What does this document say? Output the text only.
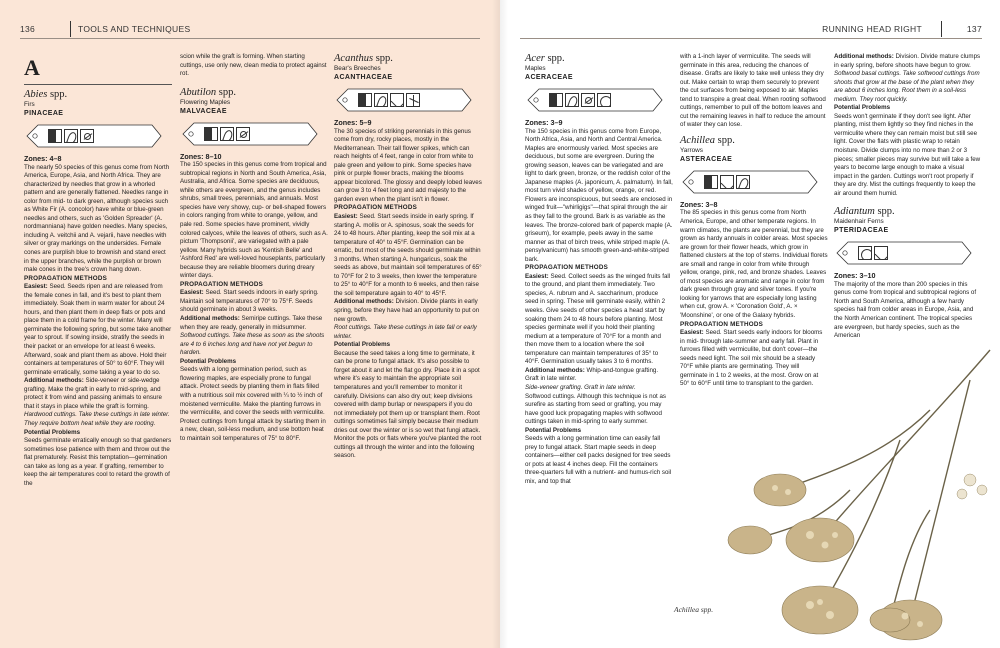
136	TOOLS AND TECHNIQUES
A
Abies spp.
Firs
PINACEAE

Zones: 4–8

The nearly 50 species of this genus come from North America, Europe, Asia, and North Africa. They are characterized by needles that grow in a whorled pattern and are generally flattened. Needles range in color from mid- to dark green, although species such as White Fir (A. concolor) have white or blue-green needles and others, such as 'Golden Spreader' (A. nordmanniana) have golden needles. Many species, including A. veitchii and A. vejarii, have needles with silver or gray markings on the undersides. Female cones are purplish blue to brownish and stand erect in the upper branches, while the purplish or brown male cones in the tree's crown hang down.

PROPAGATION METHODS

Easiest: Seed. Seeds ripen and are released from the female cones in fall, and it's best to plant them immediately. Soak them in warm water for about 24 hours, and then plant them in deep flats or pots and place them in a cold frame for the winter. Many will germinate the following spring, but some take another year to sprout. If sowing inside, stratify the seeds in their packet or an envelope for at least 6 weeks. Afterward, soak and plant them as above. Hold their containers at temperatures of 50° to 60°F. They will germinate erratically, some taking a year to do so.

Additional methods: Side-veneer or side-wedge grafting. Make the graft in early to mid-spring, and protect it from wind and passing animals to ensure that it stays in place while the graft is forming.

Hardwood cuttings. Take these cuttings in late winter. They require bottom heat while they are rooting.

Potential Problems

Seeds germinate erratically enough so that gardeners sometimes lose patience with them and throw out the flat prematurely. Resist this temptation—germination can take as long as a year. If grafting, remember to keep the air temperatures cool to retard the growth of the

scion while the graft is forming. When starting cuttings, use only new, clean media to protect against rot.

Abutilon spp.
Flowering Maples
MALVACEAE

Zones: 8–10

The 150 species in this genus come from tropical and subtropical regions in North and South America, Asia, Australia, and Africa. Some species are deciduous, while others are evergreen, and the genus includes shrubs, small trees, perennials, and annuals. Most species have very showy, cup- or bell-shaped flowers in colors ranging from white to orange, yellow, and pale red. Some species have prominent, vividly colored calyces, while the leaves of others, such as A. pictum 'Thompsonii', are variegated with a pale yellow. Many hybrids such as 'Kentish Belle' and 'Ashford Red' are well-loved houseplants, particularly because they are reliable bloomers during dreary winter days.

PROPAGATION METHODS

Easiest: Seed. Start seeds indoors in early spring. Maintain soil temperatures of 70° to 75°F. Seeds should germinate in about 3 weeks.

Additional methods: Semiripe cuttings. Take these when they are ready, generally in midsummer.

Softwood cuttings. Take these as soon as the shoots are 4 to 6 inches long and have not yet begun to harden.

Potential Problems

Seeds with a long germination period, such as flowering maples, are especially prone to fungal attack. Protect seeds by planting them in flats filled with a nutritious soil mix covered with ¼ to ½ inch of moistened vermiculite. Make the planting furrows in the vermiculite, and cover the seeds with vermiculite. Protect cuttings from fungal attack by starting them in a new, clean, soil-less medium, and use bottom heat to maintain soil temperatures of 75° to 80°F.

Acanthus spp.
Bear's Breeches
ACANTHACEAE

Zones: 5–9

The 30 species of striking perennials in this genus come from dry, rocky places, mostly in the Mediterranean. Their tall flower spikes, which can reach heights of 4 feet, range in color from white to pale green and yellow to pink. Some species have pink or purple flower bracts, making the blooms appear bicolored. The glossy and deeply lobed leaves can grow 3 to 4 feet long and add majesty to the garden even when the plant isn't in flower.

PROPAGATION METHODS

Easiest: Seed. Start seeds inside in early spring. If starting A. mollis or A. spinosus, soak the seeds for 24 to 48 hours. After planting, keep the soil mix at a temperature of 40° to 45°F. Germination can be erratic, but most of the seeds should germinate within 3 months. When starting A. hungaricus, soak the seeds as above, but maintain soil temperatures of 65° to 70°F for 2 to 3 weeks, then lower the temperature to 25° to 40°F for a month to 6 weeks, and then raise the soil temperature again to 40° to 45°F.

Additional methods: Division. Divide plants in early spring, before they have had an opportunity to put on new growth.

Root cuttings. Take these cuttings in late fall or early winter.

Potential Problems

Because the seed takes a long time to germinate, it can be prone to fungal attack. It's also possible to forget about it and let the flat go dry. Place it in a spot where it's easy to maintain the appropriate soil temperatures and you'll remember to monitor it carefully. Divisions can also dry out; keep divisions covered with damp burlap or newspapers if you do not immediately pot them up or transplant them. Root cuttings sometimes fail simply because their medium dries out over the winter or is so wet that fungi attack. Monitor the pots or flats where you've planted the root cuttings all through the winter and into the following season.

RUNNING HEAD RIGHT	137
Acer spp.
Maples
ACERACEAE

Zones: 3–9

The 150 species in this genus come from Europe, North Africa, Asia, and North and Central America. Maples are enormously varied. Most species are deciduous, but some are evergreen. During the growing season, leaves can be variegated and are light to dark green, bronze, or the reddish color of the Japanese maples (A. japonicum, A. palmatum). In fall, most turn vivid shades of yellow, orange, or red. Flowers are inconspicuous, but seeds are enclosed in winged fruit—"whirligigs"—that spiral through the air as they fall to the ground. Bark is as variable as the leaves. The bronze-colored bark of paperck maple (A. griseum), for example, peels away in the same manner as that of birch trees, while striped maple (A. pensylvanicum) has smooth green-and-white-striped bark.

PROPAGATION METHODS

Easiest: Seed. Collect seeds as the winged fruits fall to the ground, and plant them immediately. Two species, A. rubrum and A. saccharinum, produce seed in spring. These will germinate easily, within 2 weeks. Give seeds of other species a head start by soaking them 24 to 48 hours before planting. Most species germinate well if you hold their planting medium at a temperature of 70°F for a month and then move them to a location where the soil temperature can maintain temperatures of 35° to 40°F. Germination usually takes 3 to 6 months.

Additional methods: Whip-and-tongue grafting. Graft in late winter.

Side-veneer grafting. Graft in late winter.

Softwood cuttings. Although this technique is not as surefire as starting from seed or grafting, you may have good luck propagating maples with softwood cuttings taken in mid-spring to early summer.

Potential Problems

Seeds with a long germination time can easily fall prey to fungal attack. Start maple seeds in deep containers—either cell packs designed for tree seeds or pots at least 4 inches deep. Fill the containers three-quarters full with a nutrient- and humus-rich soil mix, and top that

with a 1-inch layer of vermiculite. The seeds will germinate in this area, reducing the chances of disease. Grafts are likely to take well unless they dry out. Make certain to wrap them securely to prevent the cut surfaces from being exposed to air. Maples tend to transpire a great deal. When rooting softwood cuttings, remember to pull off the bottom leaves and cut the remaining leaves in half to reduce the amount of water they can lose.

Achillea spp.
Yarrows
ASTERACEAE

Zones: 3–8

The 85 species in this genus come from North America, Europe, and other temperate regions. In warm climates, the plants are perennial, but they are grown as hardy annuals in colder areas. Most species are grown for their flower heads, which grow in flattened clusters at the top of stems. Individual florets are small and range in color from white through yellow, orange, pink, red, and bronze shades. Leaves of most species are aromatic and range in color from dark green through gray and silver tones. If you're looking for yarrows that are especially long lasting when cut, grow A. × 'Coronation Gold', A. × 'Moonshine', or one of the Galaxy hybrids.

PROPAGATION METHODS

Easiest: Seed. Start seeds early indoors for blooms in mid- through late-summer and early fall. Plant in furrows filled with vermiculite, but don't cover—the seeds need light. The soil mix should be a steady 70°F while plants are germinating. They will germinate in 1 to 2 weeks, at the most. Grow on at 50° to 60°F until time to transplant to the garden.

Additional methods: Division. Divide mature clumps in early spring, before shoots have begun to grow.

Softwood basal cuttings. Take softwood cuttings from shoots that grow at the base of the plant when they are about 6 inches long. Root them in a soil-less medium. They root quickly.

Potential Problems

Seeds won't germinate if they don't see light. After planting, mist them lightly so they find niches in the vermiculite where they can remain moist but still see light. Cover the flats with plastic wrap to retain moisture. Divide clumps into no more than 2 or 3 pieces; smaller pieces may survive but will take a few years to become large enough to make a visual impact in the garden. Cuttings won't root properly if they are dry. Mist the cuttings frequently to keep the air around them humid.

Adiantum spp.
Maidenhair Ferns
PTERIDACEAE

Zones: 3–10

The majority of the more than 200 species in this genus come from tropical and subtropical regions of North and South America, although a few hardy species hail from colder areas in Europe, Asia, and the North American continent. The tropical species are evergreen, but hardy species, such as the American

Achillea spp.
